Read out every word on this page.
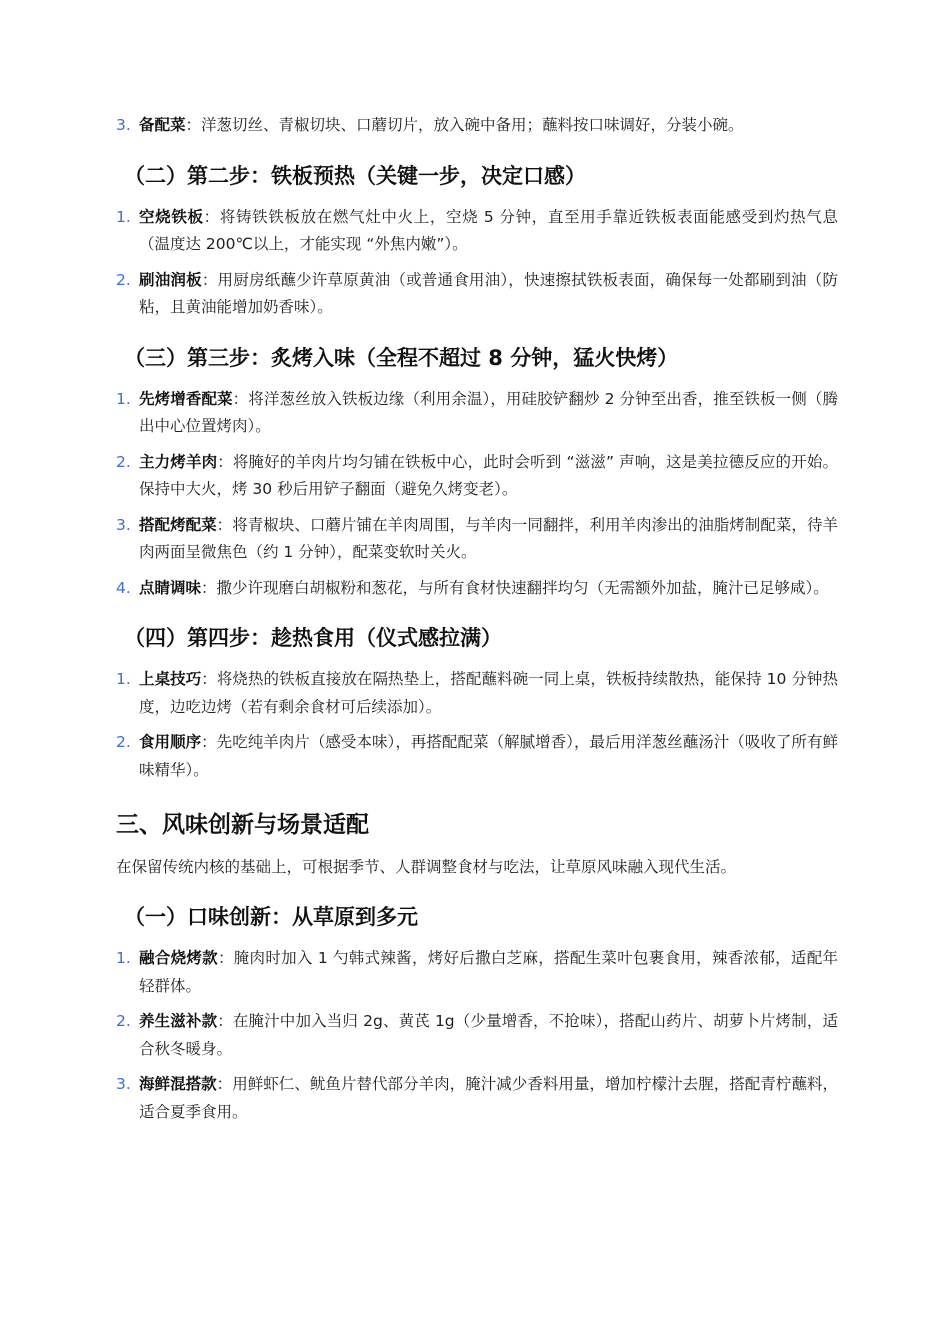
3. 备配菜：洋葱切丝、青椒切块、口蘑切片，放入碗中备用；蘸料按口味调好，分装小碗。
（二）第二步：铁板预热（关键一步，决定口感）
1. 空烧铁板：将铸铁铁板放在燃气灶中火上，空烧 5 分钟，直至用手靠近铁板表面能感受到灼热气息（温度达 200℃以上，才能实现 “外焦内嫩”）。
2. 刷油润板：用厨房纸蘸少许草原黄油（或普通食用油），快速擦拭铁板表面，确保每一处都刷到油（防粘，且黄油能增加奶香味）。
（三）第三步：炙烤入味（全程不超过 8 分钟，猛火快烤）
1. 先烤增香配菜：将洋葱丝放入铁板边缘（利用余温），用硅胶铲翻炒 2 分钟至出香，推至铁板一侧（腾出中心位置烤肉）。
2. 主力烤羊肉：将腌好的羊肉片均匀铺在铁板中心，此时会听到 “滋滋” 声响，这是美拉德反应的开始。保持中大火，烤 30 秒后用铲子翻面（避免久烤变老）。
3. 搭配烤配菜：将青椒块、口蘑片铺在羊肉周围，与羊肉一同翻拌，利用羊肉渗出的油脂烤制配菜，待羊肉两面呈微焦色（约 1 分钟），配菜变软时关火。
4. 点睛调味：撒少许现磨白胡椒粉和葱花，与所有食材快速翻拌均匀（无需额外加盐，腌汁已足够咸）。
（四）第四步：趁热食用（仪式感拉满）
1. 上桌技巧：将烧热的铁板直接放在隔热垫上，搭配蘸料碗一同上桌，铁板持续散热，能保持 10 分钟热度，边吃边烤（若有剩余食材可后续添加）。
2. 食用顺序：先吃纯羊肉片（感受本味），再搭配配菜（解腻增香），最后用洋葱丝蘸汤汁（吸收了所有鲜味精华）。
三、风味创新与场景适配

在保留传统内核的基础上，可根据季节、人群调整食材与吃法，让草原风味融入现代生活。

（一）口味创新：从草原到多元
1. 融合烧烤款：腌肉时加入 1 勺韩式辣酱，烤好后撒白芝麻，搭配生菜叶包裹食用，辣香浓郁，适配年轻群体。
2. 养生滋补款：在腌汁中加入当归 2g、黄芪 1g（少量增香，不抢味），搭配山药片、胡萝卜片烤制，适合秋冬暖身。
3. 海鲜混搭款：用鲜虾仁、鱿鱼片替代部分羊肉，腌汁减少香料用量，增加柠檬汁去腥，搭配青柠蘸料，适合夏季食用。
